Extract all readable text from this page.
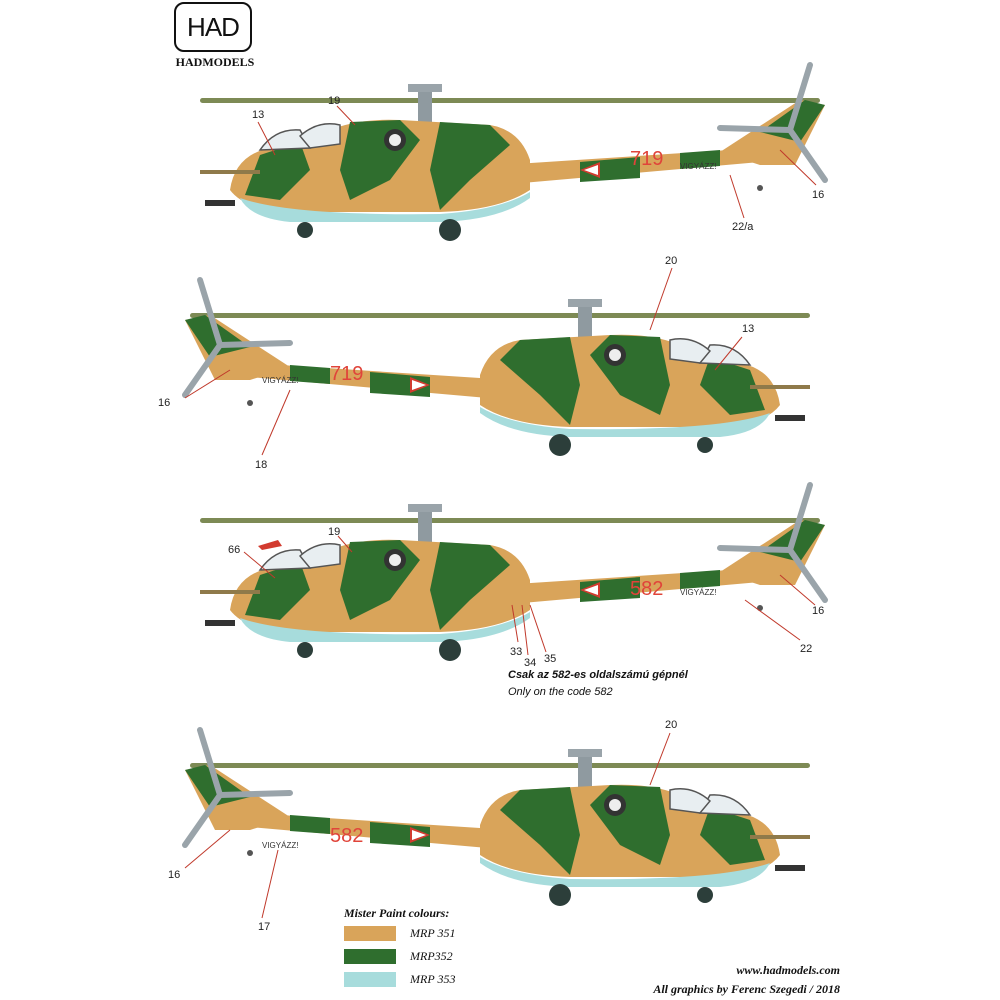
HAD
HADMODELS
719 VIGYÁZZ!
13
19
16
22/a
719
VIGYÁZZ!
20
13
16
18
582 VIGYÁZZ!
19
66
16
22
33
34 35
582
VIGYÁZZ!
20
16
17
Csak az 582-es oldalszámú gépnél
Only on the code 582
Mister Paint colours:
MRP 351
MRP352
MRP 353
www.hadmodels.com
All graphics by Ferenc Szegedi / 2018
